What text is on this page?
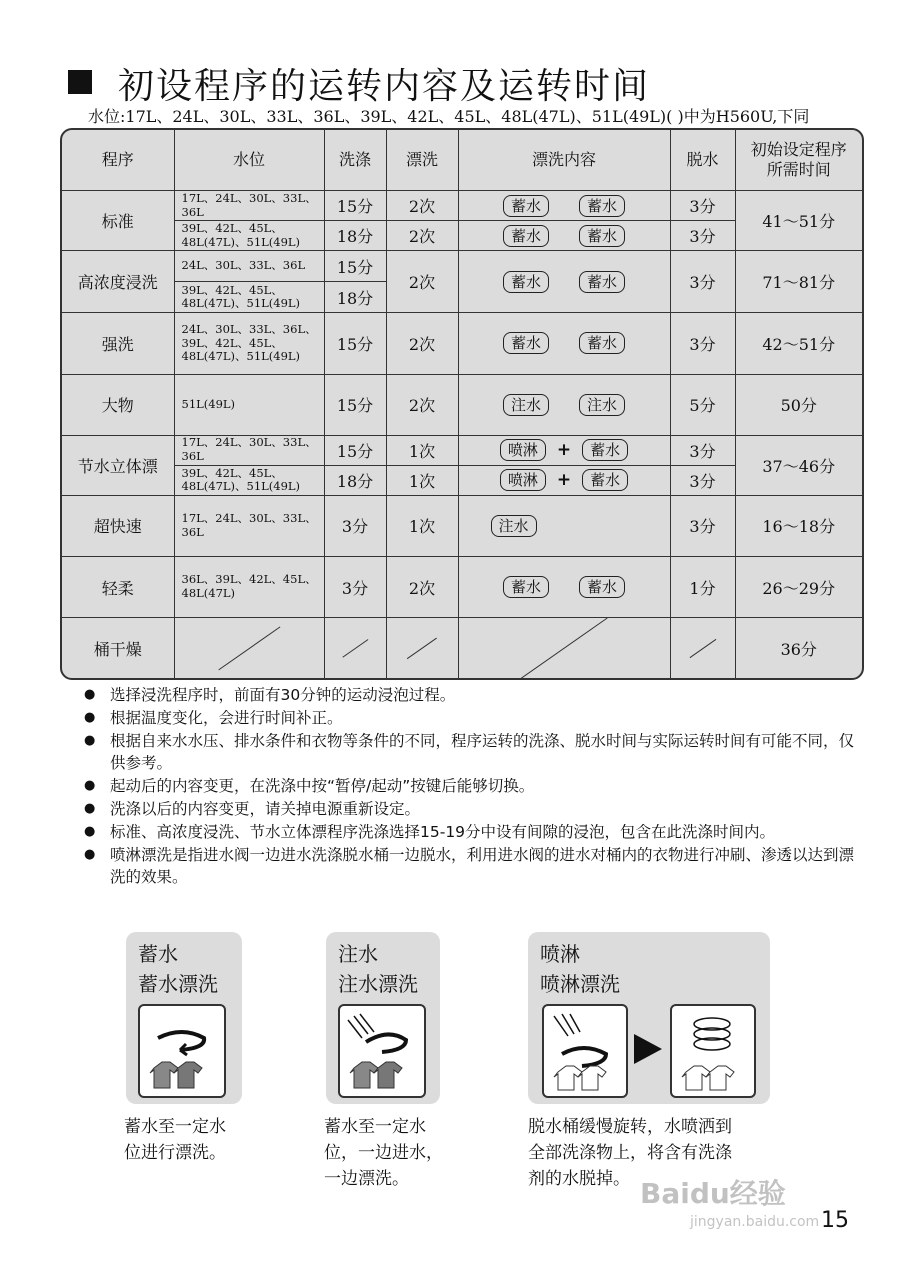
初设程序的运转内容及运转时间
水位:17L、24L、30L、33L、36L、39L、42L、45L、48L(47L)、51L(49L)( )中为H560U,下同
程序	水位	洗涤	漂洗	漂洗内容	脱水	初始设定程序所需时间

标准	17L、24L、30L、33L、36L	15分	2次	蓄水 蓄水	3分	41～51分
	39L、42L、45L、48L(47L)、51L(49L)	18分	2次	蓄水 蓄水	3分	
高浓度浸洗	24L、30L、33L、36L	15分	2次	蓄水 蓄水	3分	71～81分
	39L、42L、45L、48L(47L)、51L(49L)	18分				
强洗	24L、30L、33L、36L、39L、42L、45L、48L(47L)、51L(49L)	15分	2次	蓄水 蓄水	3分	42～51分
大物	51L(49L)	15分	2次	注水 注水	5分	50分
节水立体漂	17L、24L、30L、33L、36L	15分	1次	喷淋 + 蓄水	3分	37～46分
	39L、42L、45L、48L(47L)、51L(49L)	18分	1次	喷淋 + 蓄水	3分	
超快速	17L、24L、30L、33L、36L	3分	1次	注水	3分	16～18分
轻柔	36L、39L、42L、45L、48L(47L)	3分	2次	蓄水 蓄水	1分	26～29分
桶干燥						36分
● 选择浸洗程序时，前面有30分钟的运动浸泡过程。
● 根据温度变化，会进行时间补正。
● 根据自来水水压、排水条件和衣物等条件的不同，程序运转的洗涤、脱水时间与实际运转时间有可能不同，仅供参考。
● 起动后的内容变更，在洗涤中按“暂停/起动”按键后能够切换。
● 洗涤以后的内容变更，请关掉电源重新设定。
● 标准、高浓度浸洗、节水立体漂程序洗涤选择15-19分中设有间隙的浸泡，包含在此洗涤时间内。
● 喷淋漂洗是指进水阀一边进水洗涤脱水桶一边脱水，利用进水阀的进水对桶内的衣物进行冲刷、渗透以达到漂洗的效果。
蓄水
蓄水漂洗
蓄水至一定水
位进行漂洗。
注水
注水漂洗
蓄水至一定水
位，一边进水，
一边漂洗。
喷淋
喷淋漂洗
脱水桶缓慢旋转，水喷洒到
全部洗涤物上，将含有洗涤
剂的水脱掉。 Baidu经验
jingyan.baidu.com 15
